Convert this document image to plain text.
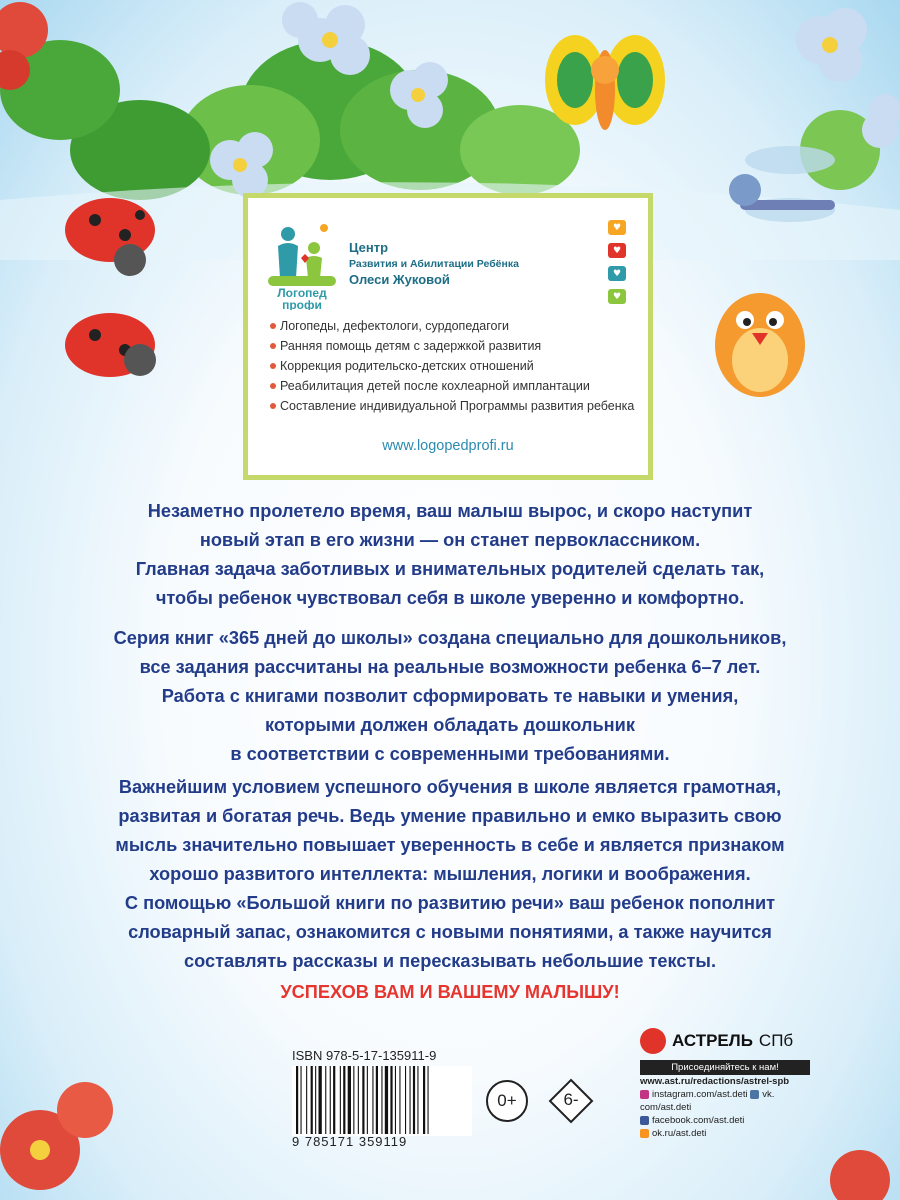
Логопед
профи
Центр
Развития и Абилитации Ребёнка
Олеси Жуковой
♥
♥
♥
♥
Логопеды, дефектологи, сурдопедагоги
Ранняя помощь детям с задержкой развития
Коррекция родительско-детских отношений
Реабилитация детей после кохлеарной имплантации
Составление индивидуальной Программы развития ребенка
www.logopedprofi.ru
Незаметно пролетело время, ваш малыш вырос, и скоро наступит
новый этап в его жизни — он станет первоклассником.
Главная задача заботливых и внимательных родителей сделать так,
чтобы ребенок чувствовал себя в школе уверенно и комфортно.
Серия книг «365 дней до школы» создана специально для дошкольников,
все задания рассчитаны на реальные возможности ребенка 6–7 лет.
Работа с книгами позволит сформировать те навыки и умения,
которыми должен обладать дошкольник
в соответствии с современными требованиями.
Важнейшим условием успешного обучения в школе является грамотная,
развитая и богатая речь. Ведь умение правильно и емко выразить свою
мысль значительно повышает уверенность в себе и является признаком
хорошо развитого интеллекта: мышления, логики и воображения.
С помощью «Большой книги по развитию речи» ваш ребенок пополнит
словарный запас, ознакомится с новыми понятиями, а также научится
составлять рассказы и пересказывать небольшие тексты.
УСПЕХОВ ВАМ И ВАШЕМУ МАЛЫШУ!
ISBN 978-5-17-135911-9
9 785171 359119
0+	6-
АСТРЕЛЬ СПб
Присоединяйтесь к нам!
www.ast.ru/redactions/astrel-spb
instagram.com/ast.deti
vk.
com/ast.deti
facebook.com/ast.deti
ok.ru/ast.deti
